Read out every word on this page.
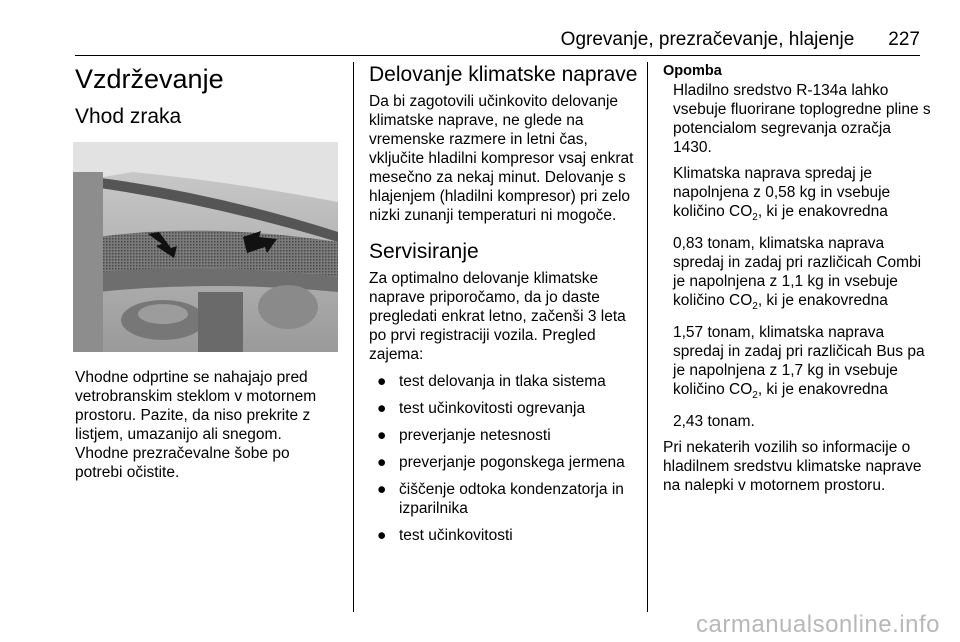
Ogrevanje, prezračevanje, hlajenje 227
Vzdrževanje
Vhod zraka

Vhodne odprtine se nahajajo pred vetrobranskim steklom v motornem prostoru. Pazite, da niso prekrite z listjem, umazanijo ali snegom. Vhodne prezračevalne šobe po potrebi očistite.

Delovanje klimatske naprave

Da bi zagotovili učinkovito delovanje klimatske naprave, ne glede na vremenske razmere in letni čas, vključite hladilni kompresor vsaj enkrat mesečno za nekaj minut. Delovanje s hlajenjem (hladilni kompresor) pri zelo nizki zunanji temperaturi ni mogoče.

Servisiranje

Za optimalno delovanje klimatske naprave priporočamo, da jo daste pregledati enkrat letno, začenši 3 leta po prvi registraciji vozila. Pregled zajema:

● test delovanja in tlaka sistema
● test učinkovitosti ogrevanja
● preverjanje netesnosti
● preverjanje pogonskega jermena
● čiščenje odtoka kondenzatorja in izparilnika
● test učinkovitosti
Opomba

Hladilno sredstvo R-134a lahko vsebuje fluorirane toplogredne pline s potencialom segrevanja ozračja 1430.

Klimatska naprava spredaj je napolnjena z 0,58 kg in vsebuje količino $CO_2$, ki je enakovredna

0,83 tonam, klimatska naprava spredaj in zadaj pri različicah Combi je napolnjena z 1,1 kg in vsebuje količino $CO_2$, ki je enakovredna

1,57 tonam, klimatska naprava spredaj in zadaj pri različicah Bus pa je napolnjena z 1,7 kg in vsebuje količino $CO_2$, ki je enakovredna

2,43 tonam.

Pri nekaterih vozilih so informacije o hladilnem sredstvu klimatske naprave na nalepki v motornem prostoru.

carmanualsonline.info
